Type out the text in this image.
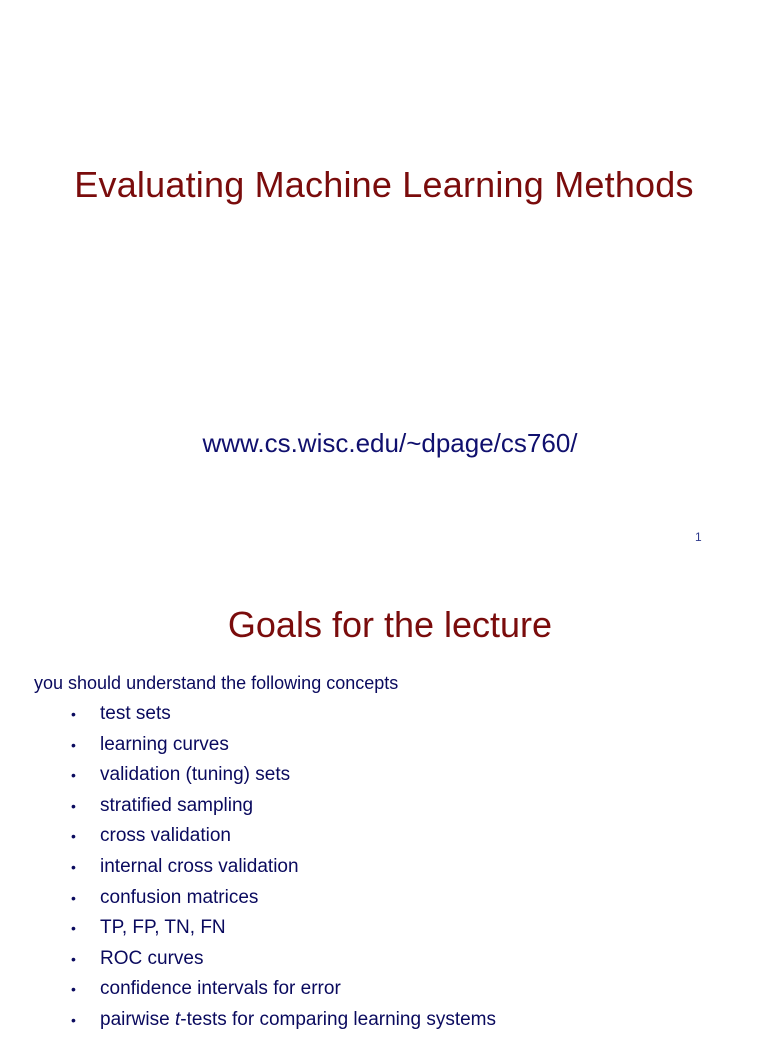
Evaluating Machine Learning Methods
www.cs.wisc.edu/~dpage/cs760/
1
Goals for the lecture
you should understand the following concepts
• test sets
• learning curves
• validation (tuning) sets
• stratified sampling
• cross validation
• internal cross validation
• confusion matrices
• TP, FP, TN, FN
• ROC curves
• confidence intervals for error
• pairwise t-tests for comparing learning systems
